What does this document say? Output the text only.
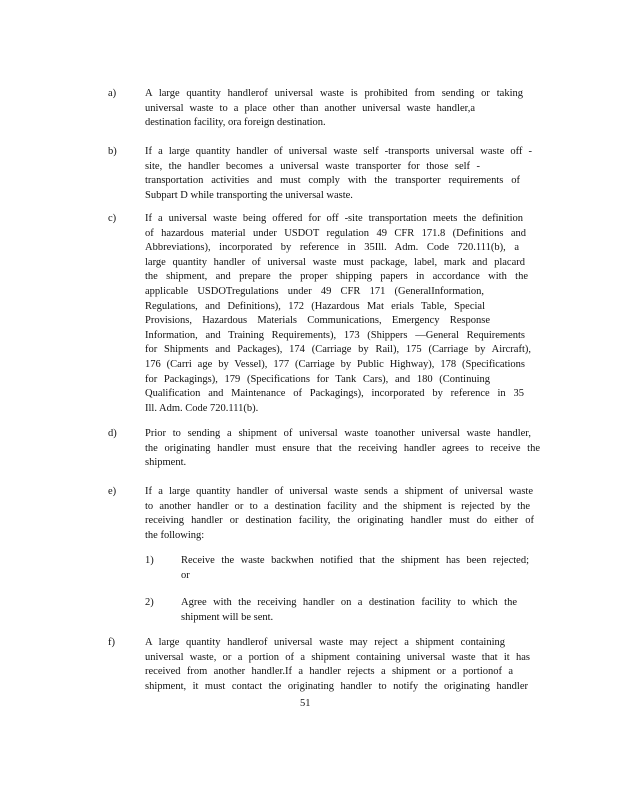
a)	A large quantity handlerof universal waste is prohibited from sending or taking
universal waste to a place other than another universal waste handler,a
destination facility, ora foreign destination.
b)	If a large quantity handler of universal waste self -transports universal waste off -
site, the handler becomes a universal waste transporter for those self -
transportation activities and must comply with the transporter requirements of
Subpart D while transporting the universal waste.
c)	If a universal waste being offered for off -site transportation meets the definition
of hazardous material under USDOT regulation 49 CFR 171.8 (Definitions and
Abbreviations), incorporated by reference in 35Ill. Adm. Code 720.111(b), a
large quantity handler of universal waste must package, label, mark and placard
the shipment, and prepare the proper shipping papers in accordance with the
applicable USDOTregulations under 49 CFR 171 (GeneralInformation,
Regulations, and Definitions), 172 (Hazardous Mat erials Table, Special
Provisions, Hazardous Materials Communications, Emergency Response
Information, and Training Requirements), 173 (Shippers —General Requirements
for Shipments and Packages), 174 (Carriage by Rail), 175 (Carriage by Aircraft),
176 (Carri age by Vessel), 177 (Carriage by Public Highway), 178 (Specifications
for Packagings), 179 (Specifications for Tank Cars), and 180 (Continuing
Qualification and Maintenance of Packagings), incorporated by reference in 35
Ill. Adm. Code 720.111(b).
d)	Prior to sending a shipment of universal waste toanother universal waste handler,
the originating handler must ensure that the receiving handler agrees to receive the
shipment.
e)	If a large quantity handler of universal waste sends a shipment of universal waste
to another handler or to a destination facility and the shipment is rejected by the
receiving handler or destination facility, the originating handler must do either of
the following:
1)	Receive the waste backwhen notified that the shipment has been rejected;
or
2)	Agree with the receiving handler on a destination facility to which the
shipment will be sent.
f)	A large quantity handlerof universal waste may reject a shipment containing
universal waste, or a portion of a shipment containing universal waste that it has
received from another handler.If a handler rejects a shipment or a portionof a
shipment, it must contact the originating handler to notify the originating handler
51
